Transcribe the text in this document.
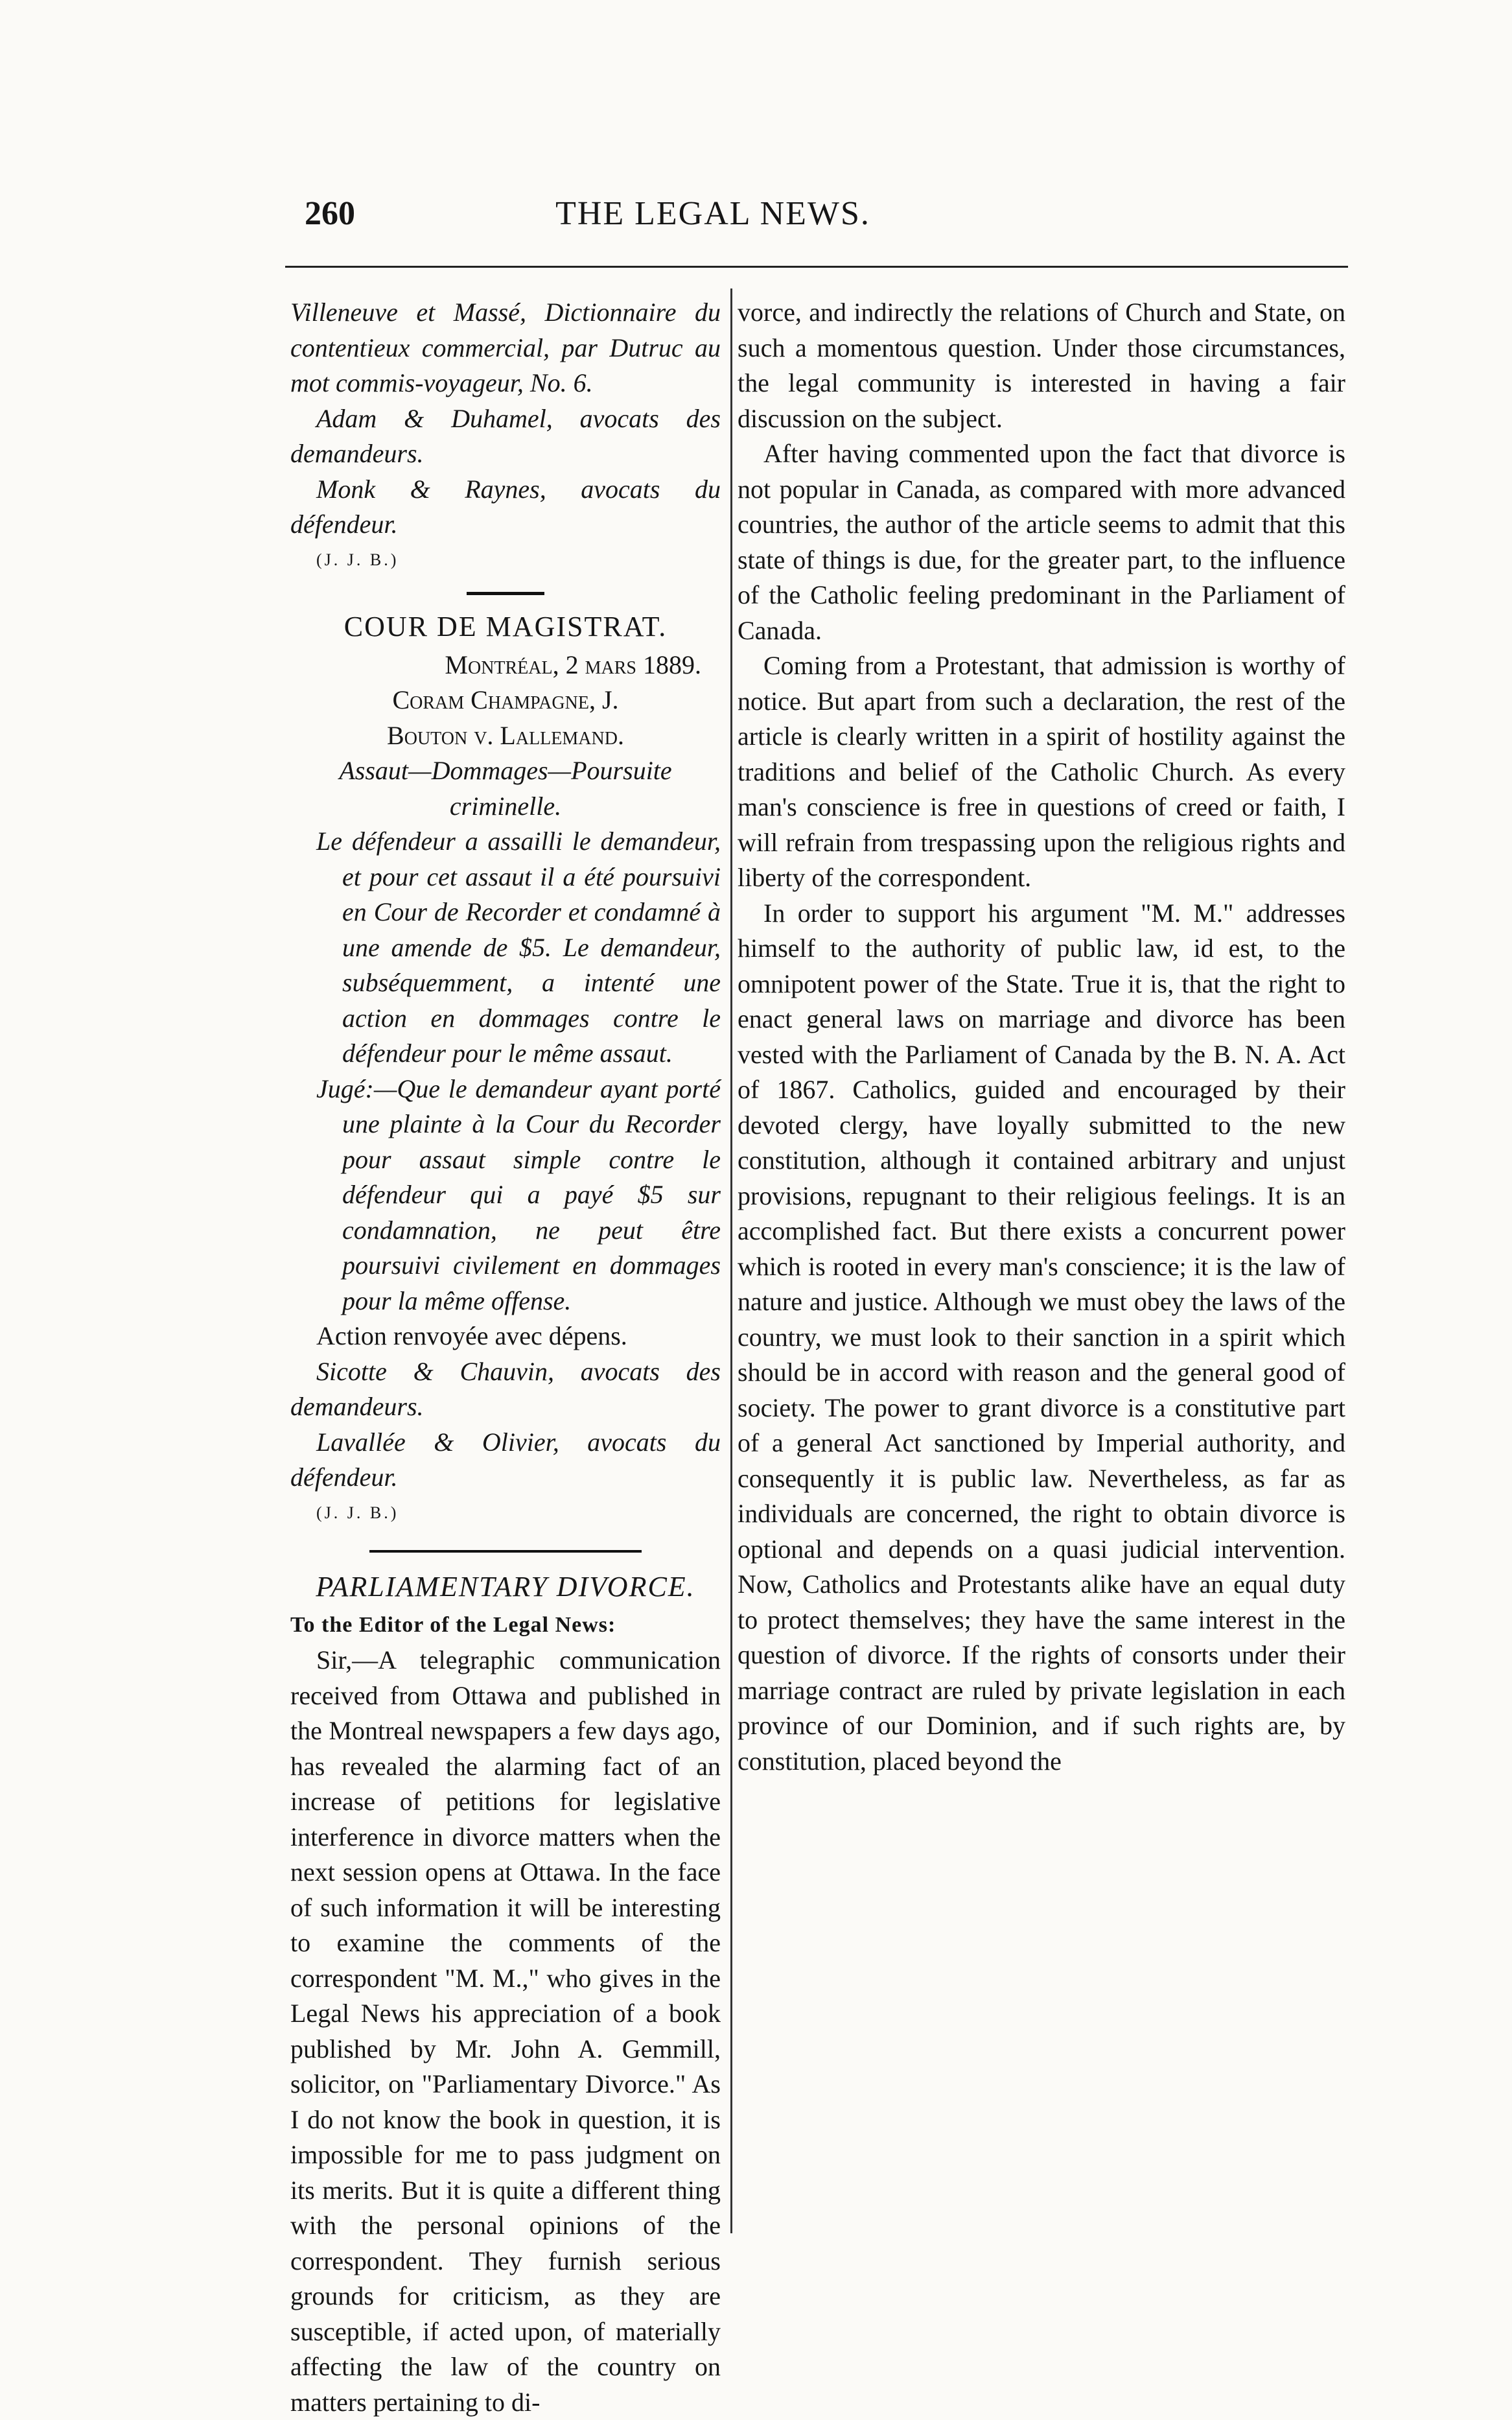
260	THE LEGAL NEWS.

Villeneuve et Massé, Dictionnaire du contentieux commercial, par Dutruc au mot commis-voyageur, No. 6.

Adam & Duhamel, avocats des demandeurs.

Monk & Raynes, avocats du défendeur.

(J. J. B.)

COUR DE MAGISTRAT.

Montréal, 2 mars 1889.

Coram Champagne, J.

Bouton v. Lallemand.

Assaut—Dommages—Poursuite criminelle.

Le défendeur a assailli le demandeur, et pour cet assaut il a été poursuivi en Cour de Recorder et condamné à une amende de $5. Le demandeur, subséquemment, a intenté une action en dommages contre le défendeur pour le même assaut.

Jugé:—Que le demandeur ayant porté une plainte à la Cour du Recorder pour assaut simple contre le défendeur qui a payé $5 sur condamnation, ne peut être poursuivi civilement en dommages pour la même offense.

Action renvoyée avec dépens.

Sicotte & Chauvin, avocats des demandeurs.

Lavallée & Olivier, avocats du défendeur.

(J. J. B.)

PARLIAMENTARY DIVORCE.

To the Editor of the Legal News:

Sir,—A telegraphic communication received from Ottawa and published in the Montreal newspapers a few days ago, has revealed the alarming fact of an increase of petitions for legislative interference in divorce matters when the next session opens at Ottawa. In the face of such information it will be interesting to examine the comments of the correspondent "M. M.," who gives in the Legal News his appreciation of a book published by Mr. John A. Gemmill, solicitor, on "Parliamentary Divorce." As I do not know the book in question, it is impossible for me to pass judgment on its merits. But it is quite a different thing with the personal opinions of the correspondent. They furnish serious grounds for criticism, as they are susceptible, if acted upon, of materially affecting the law of the country on matters pertaining to di-

vorce, and indirectly the relations of Church and State, on such a momentous question. Under those circumstances, the legal community is interested in having a fair discussion on the subject.

After having commented upon the fact that divorce is not popular in Canada, as compared with more advanced countries, the author of the article seems to admit that this state of things is due, for the greater part, to the influence of the Catholic feeling predominant in the Parliament of Canada.

Coming from a Protestant, that admission is worthy of notice. But apart from such a declaration, the rest of the article is clearly written in a spirit of hostility against the traditions and belief of the Catholic Church. As every man's conscience is free in questions of creed or faith, I will refrain from trespassing upon the religious rights and liberty of the correspondent.

In order to support his argument "M. M." addresses himself to the authority of public law, id est, to the omnipotent power of the State. True it is, that the right to enact general laws on marriage and divorce has been vested with the Parliament of Canada by the B. N. A. Act of 1867. Catholics, guided and encouraged by their devoted clergy, have loyally submitted to the new constitution, although it contained arbitrary and unjust provisions, repugnant to their religious feelings. It is an accomplished fact. But there exists a concurrent power which is rooted in every man's conscience; it is the law of nature and justice. Although we must obey the laws of the country, we must look to their sanction in a spirit which should be in accord with reason and the general good of society. The power to grant divorce is a constitutive part of a general Act sanctioned by Imperial authority, and consequently it is public law. Nevertheless, as far as individuals are concerned, the right to obtain divorce is optional and depends on a quasi judicial intervention. Now, Catholics and Protestants alike have an equal duty to protect themselves; they have the same interest in the question of divorce. If the rights of consorts under their marriage contract are ruled by private legislation in each province of our Dominion, and if such rights are, by constitution, placed beyond the
